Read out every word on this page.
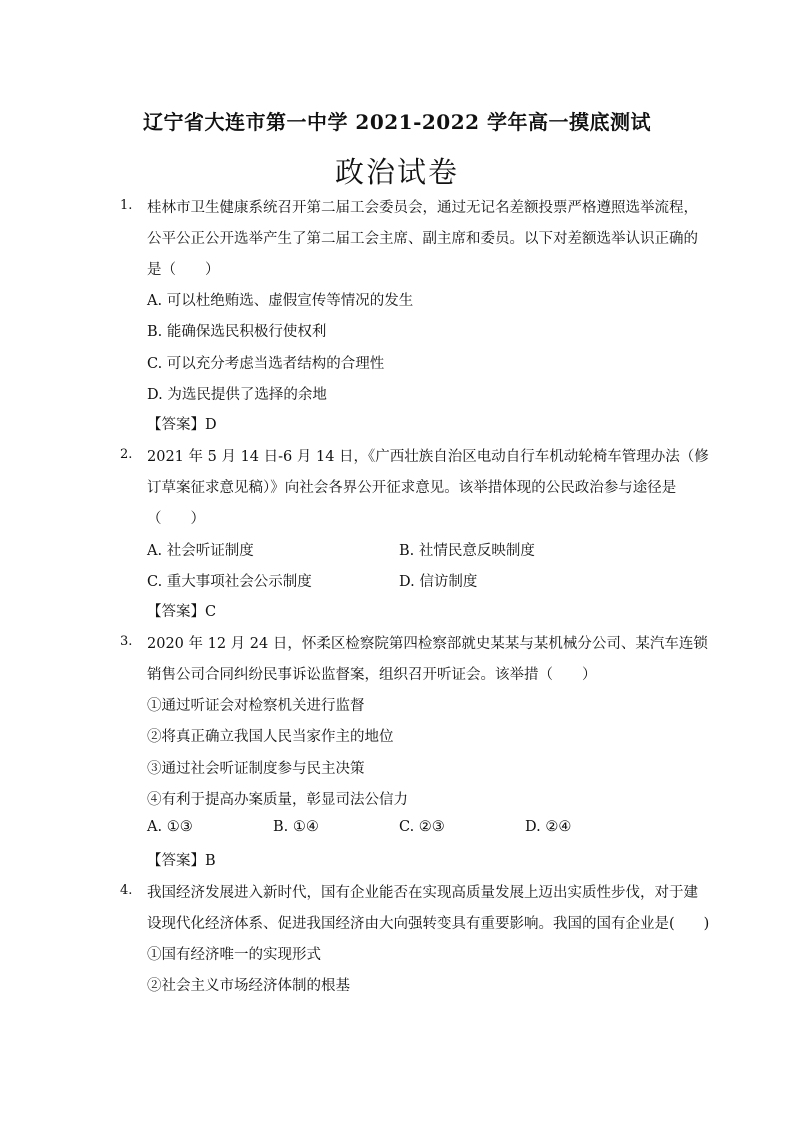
辽宁省大连市第一中学 2021-2022 学年高一摸底测试
政治试卷
1. 桂林市卫生健康系统召开第二届工会委员会，通过无记名差额投票严格遵照选举流程，
公平公正公开选举产生了第二届工会主席、副主席和委员。以下对差额选举认识正确的
是（　　）
A. 可以杜绝贿选、虚假宣传等情况的发生
B. 能确保选民积极行使权利
C. 可以充分考虑当选者结构的合理性
D. 为选民提供了选择的余地
【答案】D
2. 2021 年 5 月 14 日-6 月 14 日，《广西壮族自治区电动自行车机动轮椅车管理办法（修
订草案征求意见稿）》向社会各界公开征求意见。该举措体现的公民政治参与途径是
（　　）
A. 社会听证制度	B. 社情民意反映制度
C. 重大事项社会公示制度	D. 信访制度
【答案】C
3. 2020 年 12 月 24 日，怀柔区检察院第四检察部就史某某与某机械分公司、某汽车连锁
销售公司合同纠纷民事诉讼监督案，组织召开听证会。该举措（　　）
①通过听证会对检察机关进行监督
②将真正确立我国人民当家作主的地位
③通过社会听证制度参与民主决策
④有利于提高办案质量，彰显司法公信力
A. ①③	B. ①④	C. ②③	D. ②④
【答案】B
4. 我国经济发展进入新时代，国有企业能否在实现高质量发展上迈出实质性步伐，对于建
设现代化经济体系、促进我国经济由大向强转变具有重要影响。我国的国有企业是(　　)
①国有经济唯一的实现形式
②社会主义市场经济体制的根基
